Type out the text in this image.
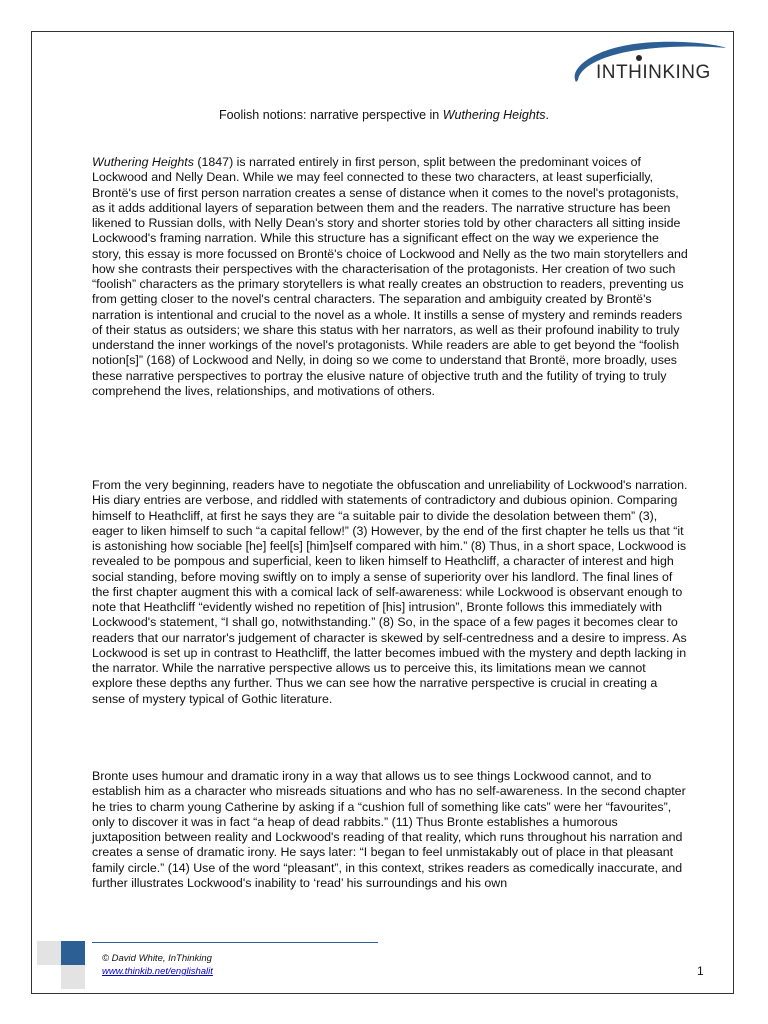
INTHINKING
Foolish notions: narrative perspective in Wuthering Heights.

Wuthering Heights (1847) is narrated entirely in first person, split between the predominant voices of Lockwood and Nelly Dean. While we may feel connected to these two characters, at least superficially, Brontë's use of first person narration creates a sense of distance when it comes to the novel's protagonists, as it adds additional layers of separation between them and the readers. The narrative structure has been likened to Russian dolls, with Nelly Dean's story and shorter stories told by other characters all sitting inside Lockwood's framing narration. While this structure has a significant effect on the way we experience the story, this essay is more focussed on Brontë's choice of Lockwood and Nelly as the two main storytellers and how she contrasts their perspectives with the characterisation of the protagonists. Her creation of two such “foolish” characters as the primary storytellers is what really creates an obstruction to readers, preventing us from getting closer to the novel's central characters. The separation and ambiguity created by Brontë's narration is intentional and crucial to the novel as a whole. It instills a sense of mystery and reminds readers of their status as outsiders; we share this status with her narrators, as well as their profound inability to truly understand the inner workings of the novel's protagonists. While readers are able to get beyond the “foolish notion[s]” (168) of Lockwood and Nelly, in doing so we come to understand that Brontë, more broadly, uses these narrative perspectives to portray the elusive nature of objective truth and the futility of trying to truly comprehend the lives, relationships, and motivations of others.

From the very beginning, readers have to negotiate the obfuscation and unreliability of Lockwood's narration. His diary entries are verbose, and riddled with statements of contradictory and dubious opinion. Comparing himself to Heathcliff, at first he says they are “a suitable pair to divide the desolation between them” (3), eager to liken himself to such “a capital fellow!” (3) However, by the end of the first chapter he tells us that “it is astonishing how sociable [he] feel[s] [him]self compared with him.” (8) Thus, in a short space, Lockwood is revealed to be pompous and superficial, keen to liken himself to Heathcliff, a character of interest and high social standing, before moving swiftly on to imply a sense of superiority over his landlord. The final lines of the first chapter augment this with a comical lack of self-awareness: while Lockwood is observant enough to note that Heathcliff “evidently wished no repetition of [his] intrusion”, Bronte follows this immediately with Lockwood's statement, “I shall go, notwithstanding.” (8) So, in the space of a few pages it becomes clear to readers that our narrator's judgement of character is skewed by self-centredness and a desire to impress. As Lockwood is set up in contrast to Heathcliff, the latter becomes imbued with the mystery and depth lacking in the narrator. While the narrative perspective allows us to perceive this, its limitations mean we cannot explore these depths any further. Thus we can see how the narrative perspective is crucial in creating a sense of mystery typical of Gothic literature.

Bronte uses humour and dramatic irony in a way that allows us to see things Lockwood cannot, and to establish him as a character who misreads situations and who has no self-awareness. In the second chapter he tries to charm young Catherine by asking if a “cushion full of something like cats” were her “favourites”, only to discover it was in fact “a heap of dead rabbits.” (11) Thus Bronte establishes a humorous juxtaposition between reality and Lockwood's reading of that reality, which runs throughout his narration and creates a sense of dramatic irony. He says later: “I began to feel unmistakably out of place in that pleasant family circle.” (14) Use of the word “pleasant”, in this context, strikes readers as comedically inaccurate, and further illustrates Lockwood's inability to ‘read’ his surroundings and his own

© David White, InThinking
www.thinkib.net/englishalit	1
